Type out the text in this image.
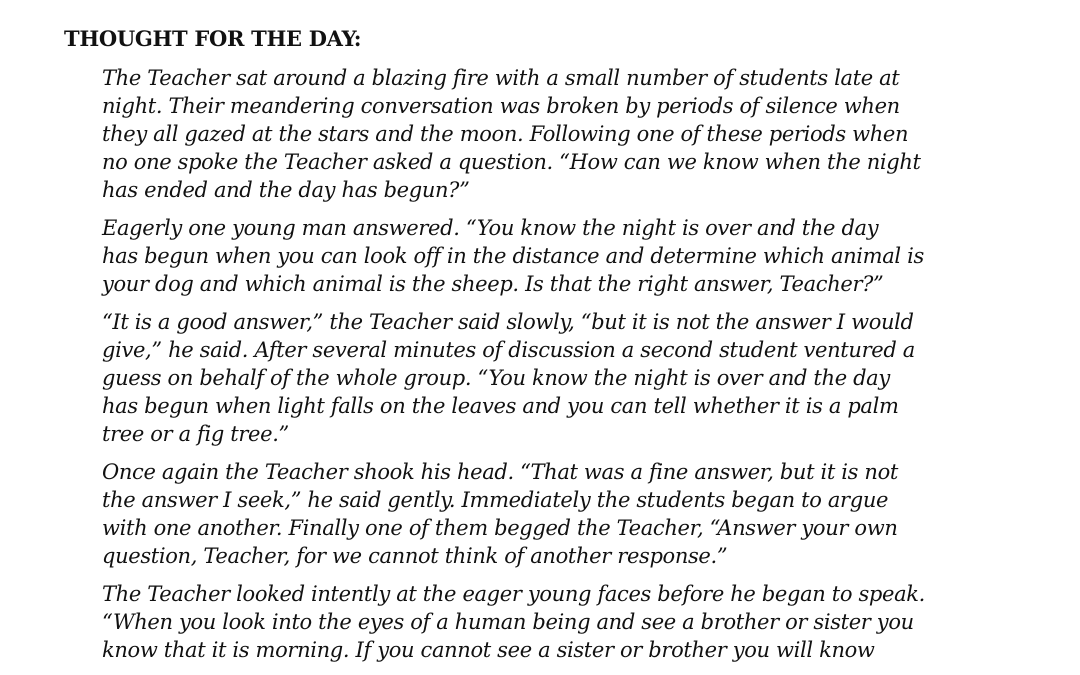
THOUGHT FOR THE DAY:

The Teacher sat around a blazing fire with a small number of students late at
night. Their meandering conversation was broken by periods of silence when
they all gazed at the stars and the moon. Following one of these periods when
no one spoke the Teacher asked a question. “How can we know when the night
has ended and the day has begun?”

Eagerly one young man answered. “You know the night is over and the day
has begun when you can look off in the distance and determine which animal is
your dog and which animal is the sheep. Is that the right answer, Teacher?”

“It is a good answer,” the Teacher said slowly, “but it is not the answer I would
give,” he said. After several minutes of discussion a second student ventured a
guess on behalf of the whole group. “You know the night is over and the day
has begun when light falls on the leaves and you can tell whether it is a palm
tree or a fig tree.”

Once again the Teacher shook his head. “That was a fine answer, but it is not
the answer I seek,” he said gently. Immediately the students began to argue
with one another. Finally one of them begged the Teacher, “Answer your own
question, Teacher, for we cannot think of another response.”

The Teacher looked intently at the eager young faces before he began to speak.
“When you look into the eyes of a human being and see a brother or sister you
know that it is morning. If you cannot see a sister or brother you will know
